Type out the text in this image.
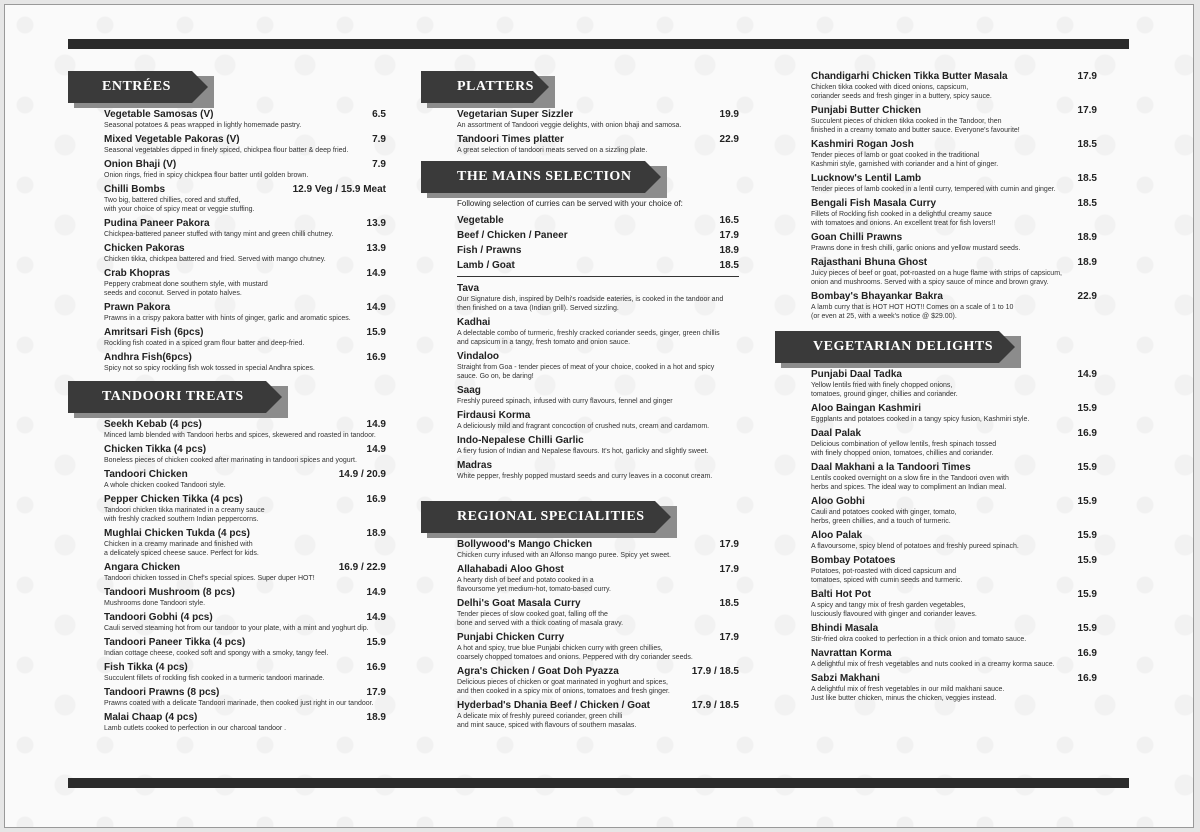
ENTRÉES
Vegetable Samosas (V)	6.5
Seasonal potatoes & peas wrapped in lightly homemade pastry.
Mixed Vegetable Pakoras (V)	7.9
Seasonal vegetables dipped in finely spiced, chickpea flour batter & deep fried.
Onion Bhaji (V)	7.9
Onion rings, fried in spicy chickpea flour batter until golden brown.
Chilli Bombs	12.9 Veg / 15.9 Meat
Two big, battered chillies, cored and stuffed,
with your choice of spicy meat or veggie stuffing.
Pudina Paneer Pakora	13.9
Chickpea-battered paneer stuffed with tangy mint and green chilli chutney.
Chicken Pakoras	13.9
Chicken tikka, chickpea battered and fried. Served with mango chutney.
Crab Khopras	14.9
Peppery crabmeat done southern style, with mustard
seeds and coconut. Served in potato halves.
Prawn Pakora	14.9
Prawns in a crispy pakora batter with hints of ginger, garlic and aromatic spices.
Amritsari Fish (6pcs)	15.9
Rockling fish coated in a spiced gram flour batter and deep-fried.
Andhra Fish(6pcs)	16.9
Spicy not so spicy rockling fish wok tossed in special Andhra spices.
TANDOORI TREATS
Seekh Kebab (4 pcs)	14.9
Minced lamb blended with Tandoori herbs and spices, skewered and roasted in tandoor.
Chicken Tikka (4 pcs)	14.9
Boneless pieces of chicken cooked after marinating in tandoori spices and yogurt.
Tandoori Chicken	14.9 / 20.9
A whole chicken cooked Tandoori style.
Pepper Chicken Tikka (4 pcs)	16.9
Tandoori chicken tikka marinated in a creamy sauce
with freshly cracked southern Indian peppercorns.
Mughlai Chicken Tukda (4 pcs)	18.9
Chicken in a creamy marinade and finished with
a delicately spiced cheese sauce. Perfect for kids.
Angara Chicken	16.9 / 22.9
Tandoori chicken tossed in Chef's special spices. Super duper HOT!
Tandoori Mushroom (8 pcs)	14.9
Mushrooms done Tandoori style.
Tandoori Gobhi (4 pcs)	14.9
Cauli served steaming hot from our tandoor to your plate, with a mint and yoghurt dip.
Tandoori Paneer Tikka (4 pcs)	15.9
Indian cottage cheese, cooked soft and spongy with a smoky, tangy feel.
Fish Tikka (4 pcs)	16.9
Succulent fillets of rockling fish cooked in a turmeric tandoori marinade.
Tandoori Prawns (8 pcs)	17.9
Prawns coated with a delicate Tandoori marinade, then cooked just right in our tandoor.
Malai Chaap (4 pcs)	18.9
Lamb cutlets cooked to perfection in our charcoal tandoor .
PLATTERS
Vegetarian Super Sizzler	19.9
An assortment of Tandoori veggie delights, with onion bhaji and samosa.
Tandoori Times platter	22.9
A great selection of tandoori meats served on a sizzling plate.
THE MAINS SELECTION
Following selection of curries can be served with your choice of:
Vegetable	16.5
Beef / Chicken / Paneer	17.9
Fish / Prawns	18.9
Lamb / Goat	18.5
Tava
Our Signature dish, inspired by Delhi's roadside eateries, is cooked in the tandoor and
then finished on a tava (Indian grill). Served sizzling.
Kadhai
A delectable combo of turmeric, freshly cracked coriander seeds, ginger, green chillis
and capsicum in a tangy, fresh tomato and onion sauce.
Vindaloo
Straight from Goa - tender pieces of meat of your choice, cooked in a hot and spicy
sauce. Go on, be daring!
Saag
Freshly pureed spinach, infused with curry flavours, fennel and ginger
Firdausi Korma
A deliciously mild and fragrant concoction of crushed nuts, cream and cardamom.
Indo-Nepalese Chilli Garlic
A fiery fusion of Indian and Nepalese flavours. It's hot, garlicky and slightly sweet.
Madras
White pepper, freshly popped mustard seeds and curry leaves in a coconut cream.
REGIONAL SPECIALITIES
Bollywood's Mango Chicken	17.9
Chicken curry infused with an Alfonso mango puree. Spicy yet sweet.
Allahabadi Aloo Ghost	17.9
A hearty dish of beef and potato cooked in a
flavoursome yet medium-hot, tomato-based curry.
Delhi's Goat Masala Curry	18.5
Tender pieces of slow cooked goat, falling off the
bone and served with a thick coating of masala gravy.
Punjabi Chicken Curry	17.9
A hot and spicy, true blue Punjabi chicken curry with green chillies,
coarsely chopped tomatoes and onions. Peppered with dry coriander seeds.
Agra's Chicken / Goat Doh Pyazza	17.9 / 18.5
Delicious pieces of chicken or goat marinated in yoghurt and spices,
and then cooked in a spicy mix of onions, tomatoes and fresh ginger.
Hyderbad's Dhania Beef / Chicken / Goat	17.9 / 18.5
A delicate mix of freshly pureed coriander, green chilli
and mint sauce, spiced with flavours of southern masalas.
Chandigarhi Chicken Tikka Butter Masala	17.9
Chicken tikka cooked with diced onions, capsicum,
coriander seeds and fresh ginger in a buttery, spicy sauce.
Punjabi Butter Chicken	17.9
Succulent pieces of chicken tikka cooked in the Tandoor, then
finished in a creamy tomato and butter sauce. Everyone's favourite!
Kashmiri Rogan Josh	18.5
Tender pieces of lamb or goat cooked in the traditional
Kashmiri style, garnished with coriander and a hint of ginger.
Lucknow's Lentil Lamb	18.5
Tender pieces of lamb cooked in a lentil curry, tempered with cumin and ginger.
Bengali Fish Masala Curry	18.5
Fillets of Rockling fish cooked in a delightful creamy sauce
with tomatoes and onions. An excellent treat for fish lovers!!
Goan Chilli Prawns	18.9
Prawns done in fresh chilli, garlic onions and yellow mustard seeds.
Rajasthani Bhuna Ghost	18.9
Juicy pieces of beef or goat, pot-roasted on a huge flame with strips of capsicum,
onion and mushrooms. Served with a spicy sauce of mince and brown gravy.
Bombay's Bhayankar Bakra	22.9
A lamb curry that is HOT HOT HOT!! Comes on a scale of 1 to 10
(or even at 25, with a week's notice @ $29.00).
VEGETARIAN DELIGHTS
Punjabi Daal Tadka	14.9
Yellow lentils fried with finely chopped onions,
tomatoes, ground ginger, chillies and coriander.
Aloo Baingan Kashmiri	15.9
Eggplants and potatoes cooked in a tangy spicy fusion, Kashmiri style.
Daal Palak	16.9
Delicious combination of yellow lentils, fresh spinach tossed
with finely chopped onion, tomatoes, chillies and coriander.
Daal Makhani a la Tandoori Times	15.9
Lentils cooked overnight on a slow fire in the Tandoori oven with
herbs and spices. The ideal way to compliment an Indian meal.
Aloo Gobhi	15.9
Cauli and potatoes cooked with ginger, tomato,
herbs, green chillies, and a touch of turmeric.
Aloo Palak	15.9
A flavoursome, spicy blend of potatoes and freshly pureed spinach.
Bombay Potatoes	15.9
Potatoes, pot-roasted with diced capsicum and
tomatoes, spiced with cumin seeds and turmeric.
Balti Hot Pot	15.9
A spicy and tangy mix of fresh garden vegetables,
lusciously flavoured with ginger and coriander leaves.
Bhindi Masala	15.9
Stir-fried okra cooked to perfection in a thick onion and tomato sauce.
Navrattan Korma	16.9
A delightful mix of fresh vegetables and nuts cooked in a creamy korma sauce.
Sabzi Makhani	16.9
A delightful mix of fresh vegetables in our mild makhani sauce.
Just like butter chicken, minus the chicken, veggies instead.
